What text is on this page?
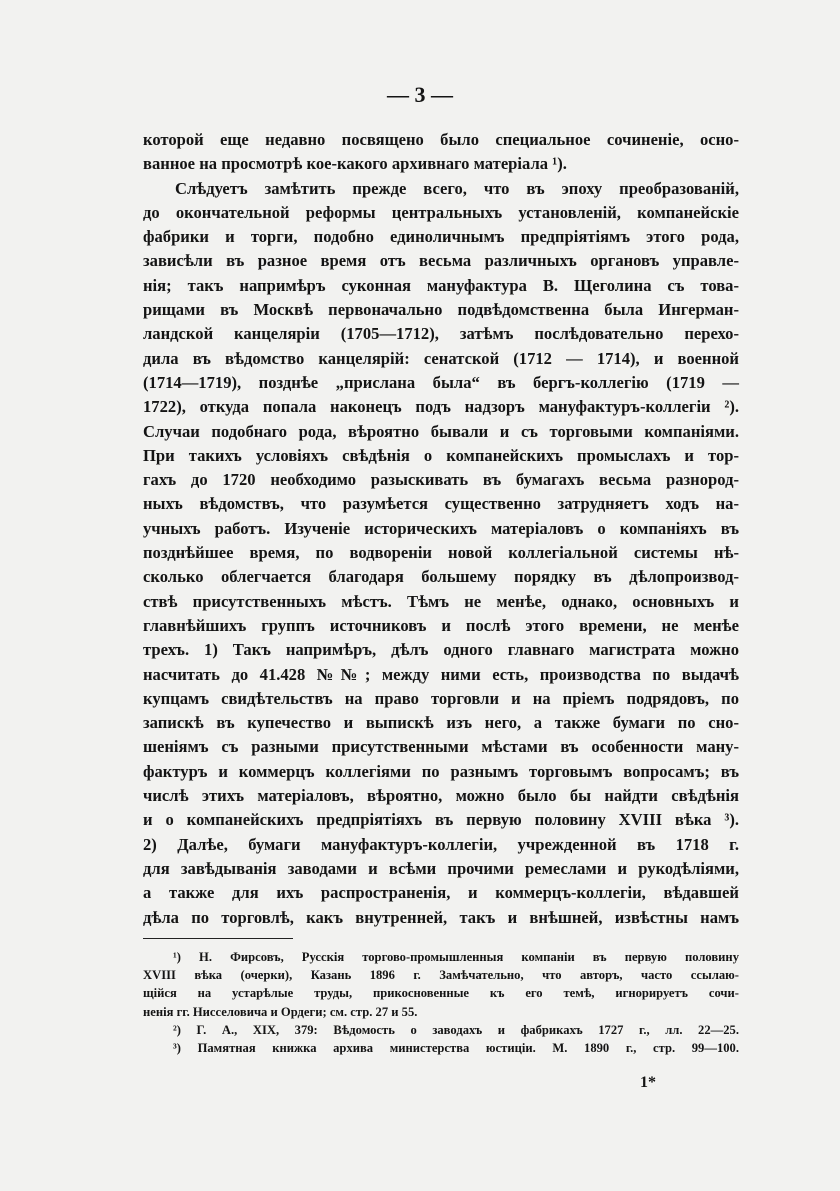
— 3 —
которой еще недавно посвящено было специальное сочиненіе, осно-
ванное на просмотрѣ кое-какого архивнаго матеріала ¹).
Слѣдуетъ замѣтить прежде всего, что въ эпоху преобразованій,
до окончательной реформы центральныхъ установленій, компанейскіе
фабрики и торги, подобно единоличнымъ предпріятіямъ этого рода,
зависѣли въ разное время отъ весьма различныхъ органовъ управле-
нія; такъ напримѣръ суконная мануфактура В. Щеголина съ това-
рищами въ Москвѣ первоначально подвѣдомственна была Ингерман-
ландской канцеляріи (1705—1712), затѣмъ послѣдовательно перехо-
дила въ вѣдомство канцелярій: сенатской (1712 — 1714), и военной
(1714—1719), позднѣе „прислана была“ въ бергъ-коллегію (1719 —
1722), откуда попала наконецъ подъ надзоръ мануфактуръ-коллегіи ²).
Случаи подобнаго рода, вѣроятно бывали и съ торговыми компаніями.
При такихъ условіяхъ свѣдѣнія о компанейскихъ промыслахъ и тор-
гахъ до 1720 необходимо разыскивать въ бумагахъ весьма разнород-
ныхъ вѣдомствъ, что разумѣется существенно затрудняетъ ходъ на-
учныхъ работъ. Изученіе историческихъ матеріаловъ о компаніяхъ въ
позднѣйшее время, по водвореніи новой коллегіальной системы нѣ-
сколько облегчается благодаря большему порядку въ дѣлопроизвод-
ствѣ присутственныхъ мѣстъ. Тѣмъ не менѣе, однако, основныхъ и
главнѣйшихъ группъ источниковъ и послѣ этого времени, не менѣе
трехъ. 1) Такъ напримѣръ, дѣлъ одного главнаго магистрата можно
насчитать до 41.428 №№; между ними есть, производства по выдачѣ
купцамъ свидѣтельствъ на право торговли и на пріемъ подрядовъ, по
запискѣ въ купечество и выпискѣ изъ него, а также бумаги по сно-
шеніямъ съ разными присутственными мѣстами въ особенности ману-
фактуръ и коммерцъ коллегіями по разнымъ торговымъ вопросамъ; въ
числѣ этихъ матеріаловъ, вѣроятно, можно было бы найдти свѣдѣнія
и о компанейскихъ предпріятіяхъ въ первую половину XVIII вѣка ³).
2) Далѣе, бумаги мануфактуръ-коллегіи, учрежденной въ 1718 г.
для завѣдыванія заводами и всѣми прочими ремеслами и рукодѣліями,
а также для ихъ распространенія, и коммерцъ-коллегіи, вѣдавшей
дѣла по торговлѣ, какъ внутренней, такъ и внѣшней, извѣстны намъ
¹) Н. Фирсовъ, Русскія торгово-промышленныя компаніи въ первую половину
XVIII вѣка (очерки), Казань 1896 г. Замѣчательно, что авторъ, часто ссылаю-
щійся на устарѣлые труды, прикосновенные къ его темѣ, игнорируетъ сочи-
ненія гг. Нисселовича и Ордеги; см. стр. 27 и 55.
²) Г. А., XIX, 379: Вѣдомость о заводахъ и фабрикахъ 1727 г., лл. 22—25.
³) Памятная книжка архива министерства юстиціи. М. 1890 г., стр. 99—100.
1*
